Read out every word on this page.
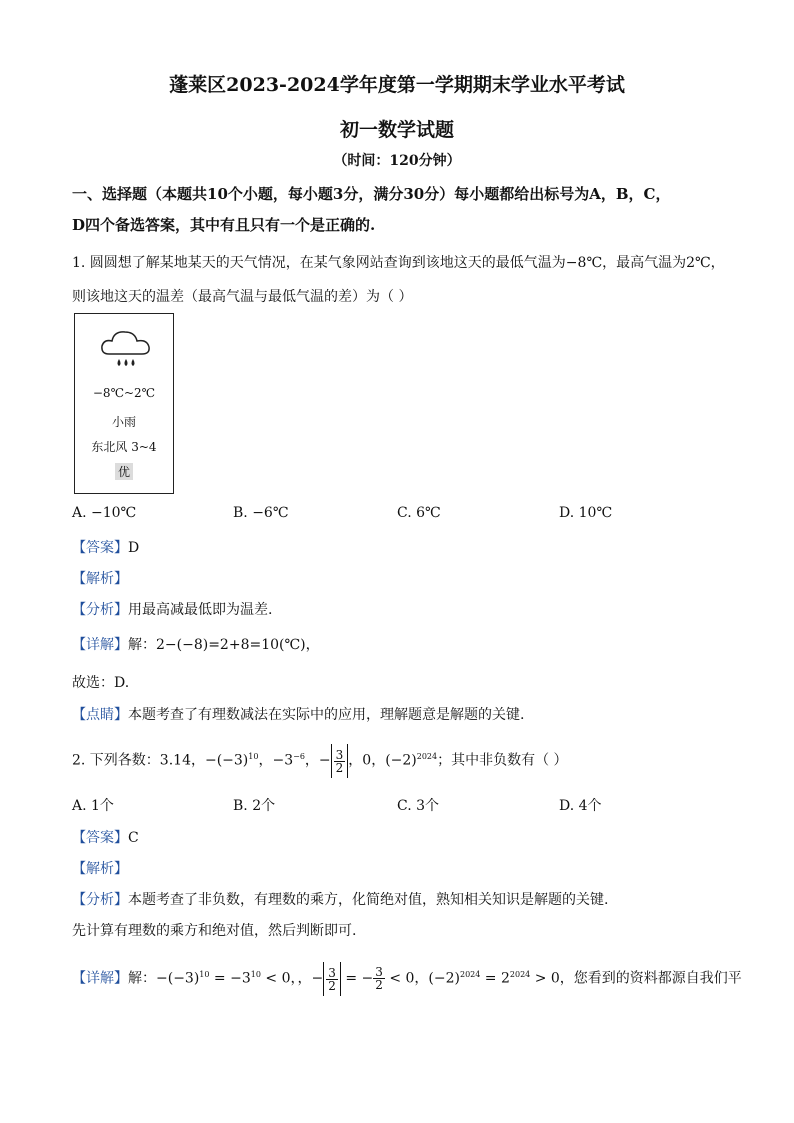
蓬莱区2023-2024学年度第一学期期末学业水平考试
初一数学试题
（时间：120分钟）
一、选择题（本题共10个小题，每小题3分，满分30分）每小题都给出标号为A，B，C，
D四个备选答案，其中有且只有一个是正确的.
1. 圆圆想了解某地某天的天气情况，在某气象网站查询到该地这天的最低气温为−8℃，最高气温为2℃，
则该地这天的温差（最高气温与最低气温的差）为（ ）
−8℃~2℃
小雨
东北风 3~4
优
A. −10℃	B. −6℃	C. 6℃	D. 10℃
【答案】D
【解析】
【分析】用最高减最低即为温差.
【详解】解：2−(−8)=2+8=10(℃)，
故选：D.
【点睛】本题考查了有理数减法在实际中的应用，理解题意是解题的关键.
2. 下列各数：3.14，$-(-3)^{10}$，$-3^{-6}$，− $\frac{3}{2}$ ，0，$(-2)^{2024}$；其中非负数有（ ）
A. 1个	B. 2个	C. 3个	D. 4个
【答案】C
【解析】
【分析】本题考查了非负数，有理数的乘方，化简绝对值，熟知相关知识是解题的关键.
先计算有理数的乘方和绝对值，然后判断即可.
【详解】解：$-(-3)^{10} = -3^{10} < 0$，，− $\frac{3}{2}$ = − $\frac{3}{2} < 0$，$(-2)^{2024} = 2^{2024} > 0$，您看到的资料都源自我们平
